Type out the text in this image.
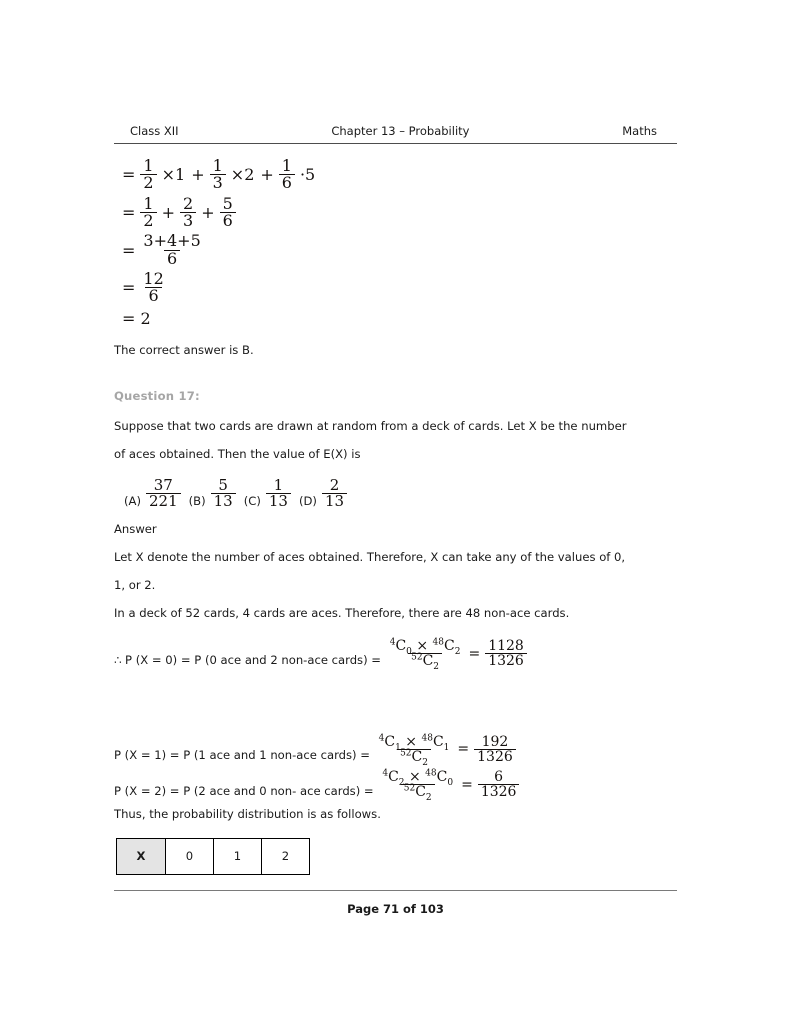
Class XII	Chapter 13 – Probability	Maths
= $\frac{1}{2} \times 1 + \frac{1}{3} \times 2 + \frac{1}{6} \cdot 5$
= $\frac{1}{2} + \frac{2}{3} + \frac{5}{6}$
= $\frac{3+4+5}{6}$
= $\frac{12}{6}$
= 2
The correct answer is B.
Question 17:
Suppose that two cards are drawn at random from a deck of cards. Let X be the number
of aces obtained. Then the value of E(X) is
$(A) \frac{37}{221} (B) \frac{5}{13} (C) \frac{1}{13} (D) \frac{2}{13}$
Answer
Let X denote the number of aces obtained. Therefore, X can take any of the values of 0,
1, or 2.
In a deck of 52 cards, 4 cards are aces. Therefore, there are 48 non-ace cards.
∴ P (X = 0) = P (0 ace and 2 non-ace cards) = $\frac{^4C_0 \times ^{48}C_2}{^{52}C_2} = \frac{1128}{1326}$
P (X = 1) = P (1 ace and 1 non-ace cards) = $\frac{^4C_1 \times ^{48}C_1}{^{52}C_2} = \frac{192}{1326}$
P (X = 2) = P (2 ace and 0 non- ace cards) = $\frac{^4C_2 \times ^{48}C_0}{^{52}C_2} = \frac{6}{1326}$
Thus, the probability distribution is as follows.
X	0	1	2
Page 71 of 103
